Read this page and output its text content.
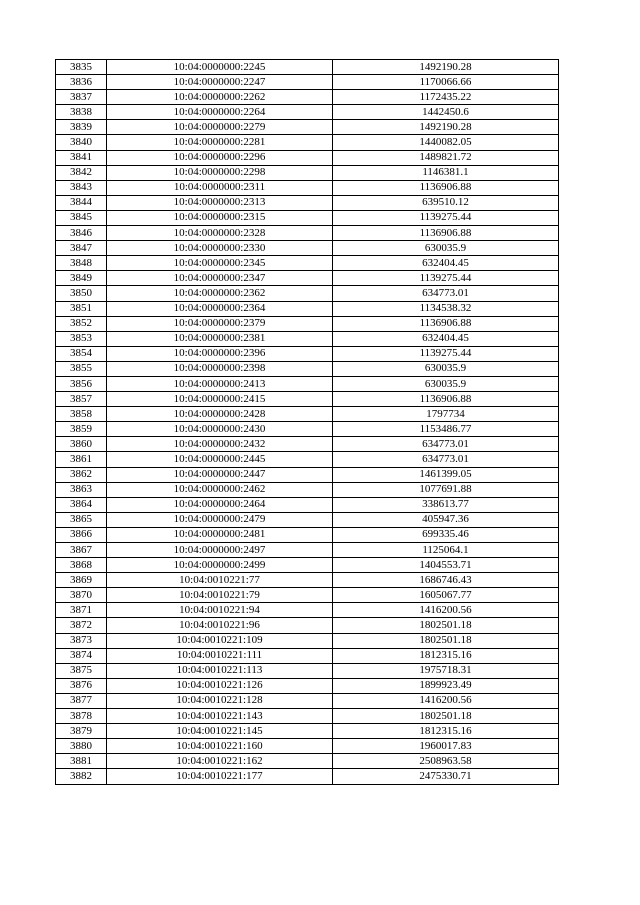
3835	10:04:0000000:2245	1492190.28
3836	10:04:0000000:2247	1170066.66
3837	10:04:0000000:2262	1172435.22
3838	10:04:0000000:2264	1442450.6
3839	10:04:0000000:2279	1492190.28
3840	10:04:0000000:2281	1440082.05
3841	10:04:0000000:2296	1489821.72
3842	10:04:0000000:2298	1146381.1
3843	10:04:0000000:2311	1136906.88
3844	10:04:0000000:2313	639510.12
3845	10:04:0000000:2315	1139275.44
3846	10:04:0000000:2328	1136906.88
3847	10:04:0000000:2330	630035.9
3848	10:04:0000000:2345	632404.45
3849	10:04:0000000:2347	1139275.44
3850	10:04:0000000:2362	634773.01
3851	10:04:0000000:2364	1134538.32
3852	10:04:0000000:2379	1136906.88
3853	10:04:0000000:2381	632404.45
3854	10:04:0000000:2396	1139275.44
3855	10:04:0000000:2398	630035.9
3856	10:04:0000000:2413	630035.9
3857	10:04:0000000:2415	1136906.88
3858	10:04:0000000:2428	1797734
3859	10:04:0000000:2430	1153486.77
3860	10:04:0000000:2432	634773.01
3861	10:04:0000000:2445	634773.01
3862	10:04:0000000:2447	1461399.05
3863	10:04:0000000:2462	1077691.88
3864	10:04:0000000:2464	338613.77
3865	10:04:0000000:2479	405947.36
3866	10:04:0000000:2481	699335.46
3867	10:04:0000000:2497	1125064.1
3868	10:04:0000000:2499	1404553.71
3869	10:04:0010221:77	1686746.43
3870	10:04:0010221:79	1605067.77
3871	10:04:0010221:94	1416200.56
3872	10:04:0010221:96	1802501.18
3873	10:04:0010221:109	1802501.18
3874	10:04:0010221:111	1812315.16
3875	10:04:0010221:113	1975718.31
3876	10:04:0010221:126	1899923.49
3877	10:04:0010221:128	1416200.56
3878	10:04:0010221:143	1802501.18
3879	10:04:0010221:145	1812315.16
3880	10:04:0010221:160	1960017.83
3881	10:04:0010221:162	2508963.58
3882	10:04:0010221:177	2475330.71
